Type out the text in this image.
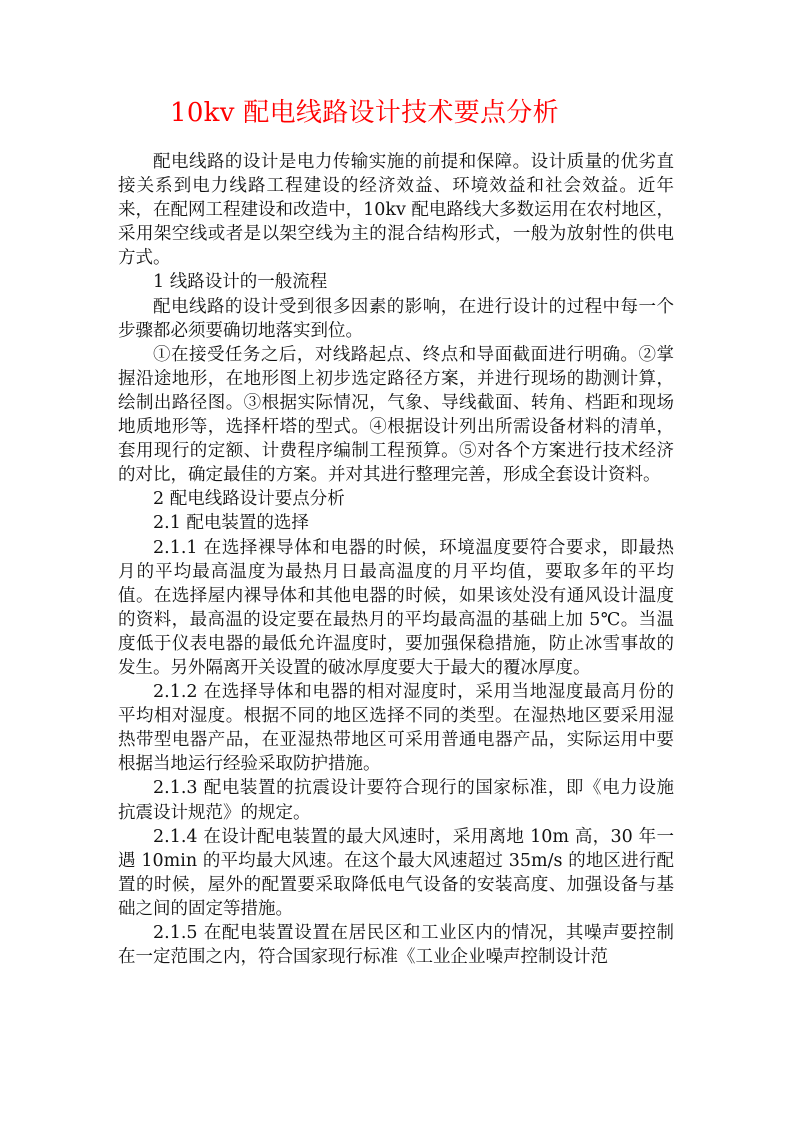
10kv 配电线路设计技术要点分析

配电线路的设计是电力传输实施的前提和保障。设计质量的优劣直接关系到电力线路工程建设的经济效益、环境效益和社会效益。近年来，在配网工程建设和改造中，10kv 配电路线大多数运用在农村地区，采用架空线或者是以架空线为主的混合结构形式，一般为放射性的供电方式。

1 线路设计的一般流程

配电线路的设计受到很多因素的影响，在进行设计的过程中每一个步骤都必须要确切地落实到位。

①在接受任务之后，对线路起点、终点和导面截面进行明确。②掌握沿途地形，在地形图上初步选定路径方案，并进行现场的勘测计算，绘制出路径图。③根据实际情况，气象、导线截面、转角、档距和现场地质地形等，选择杆塔的型式。④根据设计列出所需设备材料的清单，套用现行的定额、计费程序编制工程预算。⑤对各个方案进行技术经济的对比，确定最佳的方案。并对其进行整理完善，形成全套设计资料。

2 配电线路设计要点分析

2.1 配电装置的选择

2.1.1 在选择裸导体和电器的时候，环境温度要符合要求，即最热月的平均最高温度为最热月日最高温度的月平均值，要取多年的平均值。在选择屋内裸导体和其他电器的时候，如果该处没有通风设计温度的资料，最高温的设定要在最热月的平均最高温的基础上加 5℃。当温度低于仪表电器的最低允许温度时，要加强保稳措施，防止冰雪事故的发生。另外隔离开关设置的破冰厚度要大于最大的覆冰厚度。

2.1.2 在选择导体和电器的相对湿度时，采用当地湿度最高月份的平均相对湿度。根据不同的地区选择不同的类型。在湿热地区要采用湿热带型电器产品，在亚湿热带地区可采用普通电器产品，实际运用中要根据当地运行经验采取防护措施。

2.1.3 配电装置的抗震设计要符合现行的国家标准，即《电力设施抗震设计规范》的规定。

2.1.4 在设计配电装置的最大风速时，采用离地 10m 高，30 年一遇 10min 的平均最大风速。在这个最大风速超过 35m/s 的地区进行配置的时候，屋外的配置要采取降低电气设备的安装高度、加强设备与基础之间的固定等措施。

2.1.5 在配电装置设置在居民区和工业区内的情况，其噪声要控制在一定范围之内，符合国家现行标准《工业企业噪声控制设计范
